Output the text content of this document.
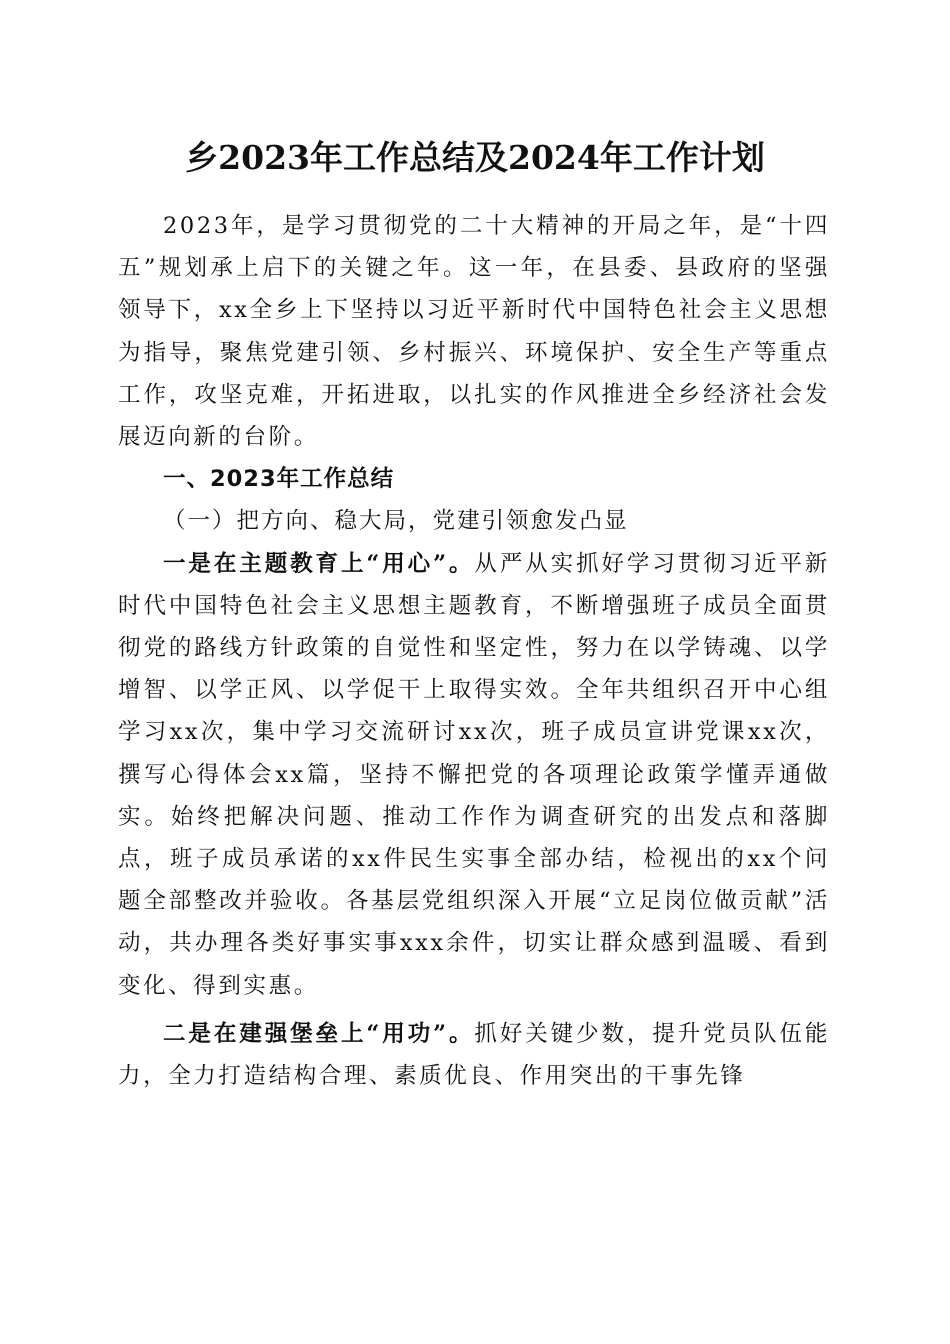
乡2023年工作总结及2024年工作计划

2023年，是学习贯彻党的二十大精神的开局之年，是“十四五”规划承上启下的关键之年。这一年，在县委、县政府的坚强领导下，xx全乡上下坚持以习近平新时代中国特色社会主义思想为指导，聚焦党建引领、乡村振兴、环境保护、安全生产等重点工作，攻坚克难，开拓进取，以扎实的作风推进全乡经济社会发展迈向新的台阶。

一、2023年工作总结

（一）把方向、稳大局，党建引领愈发凸显

一是在主题教育上“用心”。从严从实抓好学习贯彻习近平新时代中国特色社会主义思想主题教育，不断增强班子成员全面贯彻党的路线方针政策的自觉性和坚定性，努力在以学铸魂、以学增智、以学正风、以学促干上取得实效。全年共组织召开中心组学习xx次，集中学习交流研讨xx次，班子成员宣讲党课xx次，撰写心得体会xx篇，坚持不懈把党的各项理论政策学懂弄通做实。始终把解决问题、推动工作作为调查研究的出发点和落脚点，班子成员承诺的xx件民生实事全部办结，检视出的xx个问题全部整改并验收。各基层党组织深入开展“立足岗位做贡献”活动，共办理各类好事实事xxx余件，切实让群众感到温暖、看到变化、得到实惠。

二是在建强堡垒上“用功”。抓好关键少数，提升党员队伍能力，全力打造结构合理、素质优良、作用突出的干事先锋
